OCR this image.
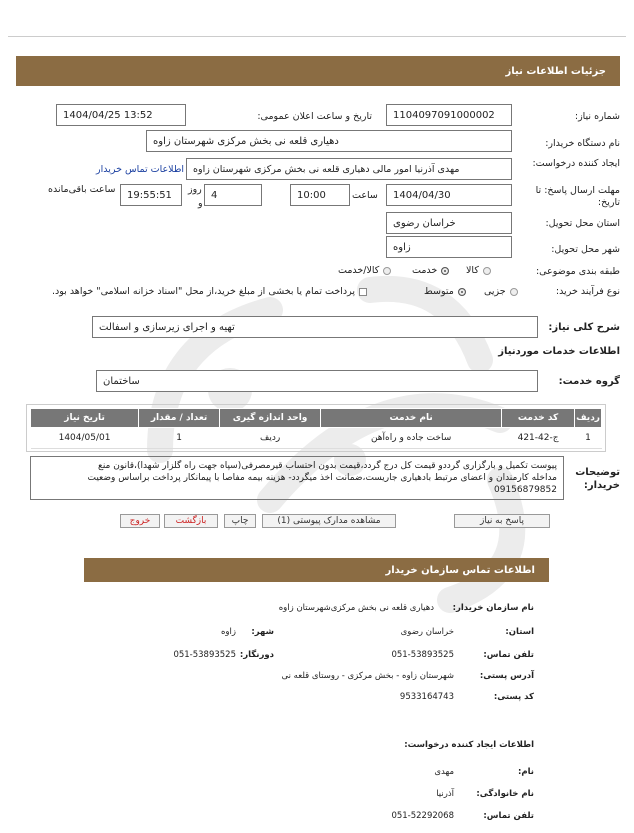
جزئیات اطلاعات نیاز
شماره نیاز:
1104097091000002
تاریخ و ساعت اعلان عمومی:
1404/04/25 13:52
نام دستگاه خریدار:
دهیاری قلعه نی بخش مرکزی شهرستان زاوه
ایجاد کننده درخواست:
مهدی آذرنیا امور مالی دهیاری قلعه نی بخش مرکزی شهرستان زاوه
اطلاعات تماس خریدار
مهلت ارسال پاسخ: تا تاریخ:
1404/04/30
ساعت
10:00
4
روز
و
19:55:51
ساعت باقی‌مانده
استان محل تحویل:
خراسان رضوی
شهر محل تحویل:
زاوه
طبقه بندی موضوعی:
کالا
خدمت
کالا/خدمت
نوع فرآیند خرید:
جزیی
متوسط
پرداخت تمام یا بخشی از مبلغ خرید،از محل "اسناد خزانه اسلامی" خواهد بود.
شرح کلی نیاز:
تهیه و اجرای زیرسازی و اسفالت
اطلاعات خدمات موردنیاز
گروه خدمت:
ساختمان
ردیف	کد خدمت	نام خدمت	واحد اندازه گیری	تعداد / مقدار	تاریخ نیاز
1	ج-42-421	ساخت جاده و راه‌آهن	ردیف	1	1404/05/01
توضیحات خریدار:
پیوست تکمیل و بارگزاری گرددو قیمت کل درج گردد،قیمت بدون احتساب قیرمصرفی(سپاه جهت راه گلزار شهدا)،قانون منع
مداخله کارمندان و اعضای مرتبط بادهیاری جاریست،ضمانت اخذ میگردد- هزینه بیمه مفاصا با پیمانکار پرداخت براساس وضعیت
09156879852
پاسخ به نیاز
مشاهده مدارک پیوستی (1)
چاپ
بازگشت
خروج
اطلاعات تماس سازمان خریدار
نام سازمان خریدار:
دهیاری قلعه نی بخش مرکزی‌شهرستان زاوه
استان:
خراسان رضوی
شهر:
زاوه
تلفن تماس:
051-53893525
دورنگار:
051-53893525
آدرس پستی:
شهرستان زاوه - بخش مرکزی - روستای قلعه نی
کد پستی:
9533164743
اطلاعات ایجاد کننده درخواست:
نام:
مهدی
نام خانوادگی:
آذرنیا
تلفن تماس:
051-52292068
